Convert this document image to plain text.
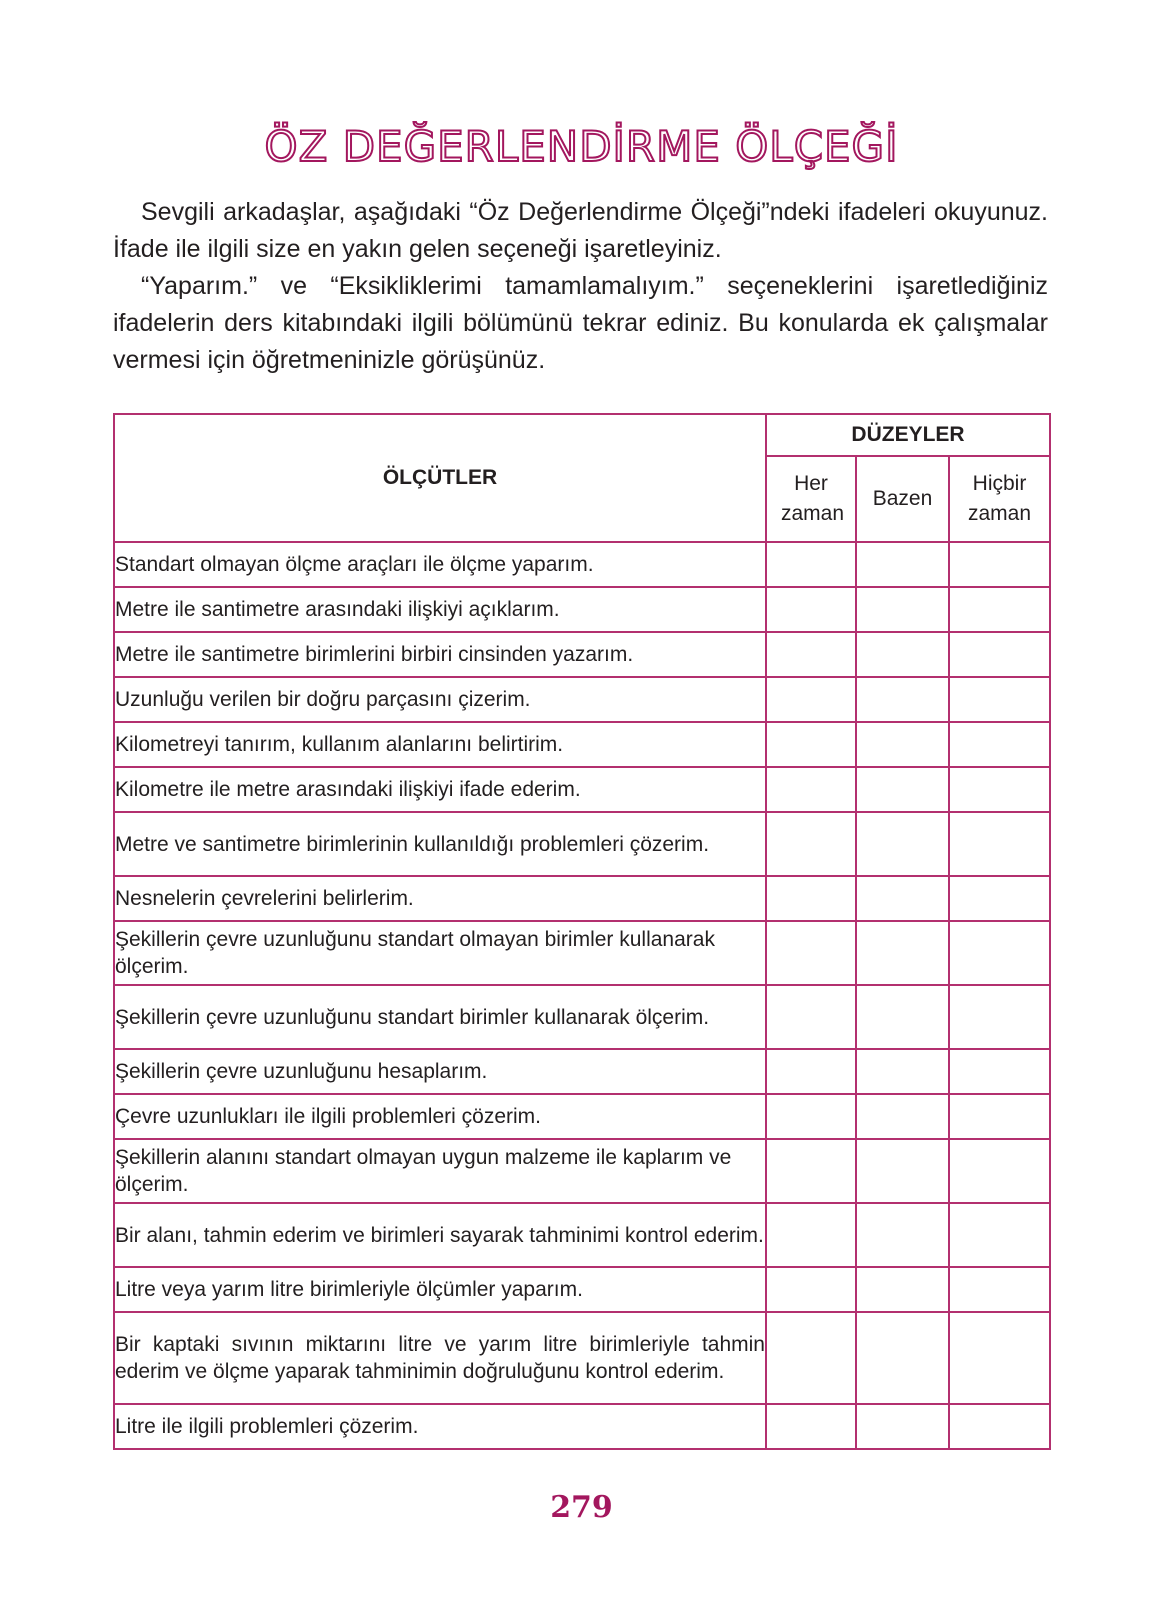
ÖZ DEĞERLENDİRME ÖLÇEĞİ

Sevgili arkadaşlar, aşağıdaki “Öz Değerlendirme Ölçeği”ndeki ifadeleri okuyunuz. İfade ile ilgili size en yakın gelen seçeneği işaretleyiniz.

“Yaparım.” ve “Eksikliklerimi tamamlamalıyım.” seçeneklerini işaretlediğiniz ifadelerin ders kitabındaki ilgili bölümünü tekrar ediniz. Bu konularda ek çalışmalar vermesi için öğretmeninizle görüşünüz.

ÖLÇÜTLER	DÜZEYLER		
	Her zaman	Bazen	Hiçbir zaman
Standart olmayan ölçme araçları ile ölçme yaparım.			
Metre ile santimetre arasındaki ilişkiyi açıklarım.			
Metre ile santimetre birimlerini birbiri cinsinden yazarım.			
Uzunluğu verilen bir doğru parçasını çizerim.			
Kilometreyi tanırım, kullanım alanlarını belirtirim.			
Kilometre ile metre arasındaki ilişkiyi ifade ederim.			
Metre ve santimetre birimlerinin kullanıldığı problemleri çözerim.			
Nesnelerin çevrelerini belirlerim.			
Şekillerin çevre uzunluğunu standart olmayan birimler kullanarak ölçerim.			
Şekillerin çevre uzunluğunu standart birimler kullanarak ölçerim.			
Şekillerin çevre uzunluğunu hesaplarım.			
Çevre uzunlukları ile ilgili problemleri çözerim.			
Şekillerin alanını standart olmayan uygun malzeme ile kaplarım ve ölçerim.			
Bir alanı, tahmin ederim ve birimleri sayarak tahminimi kontrol ederim.			
Litre veya yarım litre birimleriyle ölçümler yaparım.			
Bir kaptaki sıvının miktarını litre ve yarım litre birimleriyle tahmin ederim ve ölçme yaparak tahminimin doğruluğunu kontrol ederim.			
Litre ile ilgili problemleri çözerim.			
279
